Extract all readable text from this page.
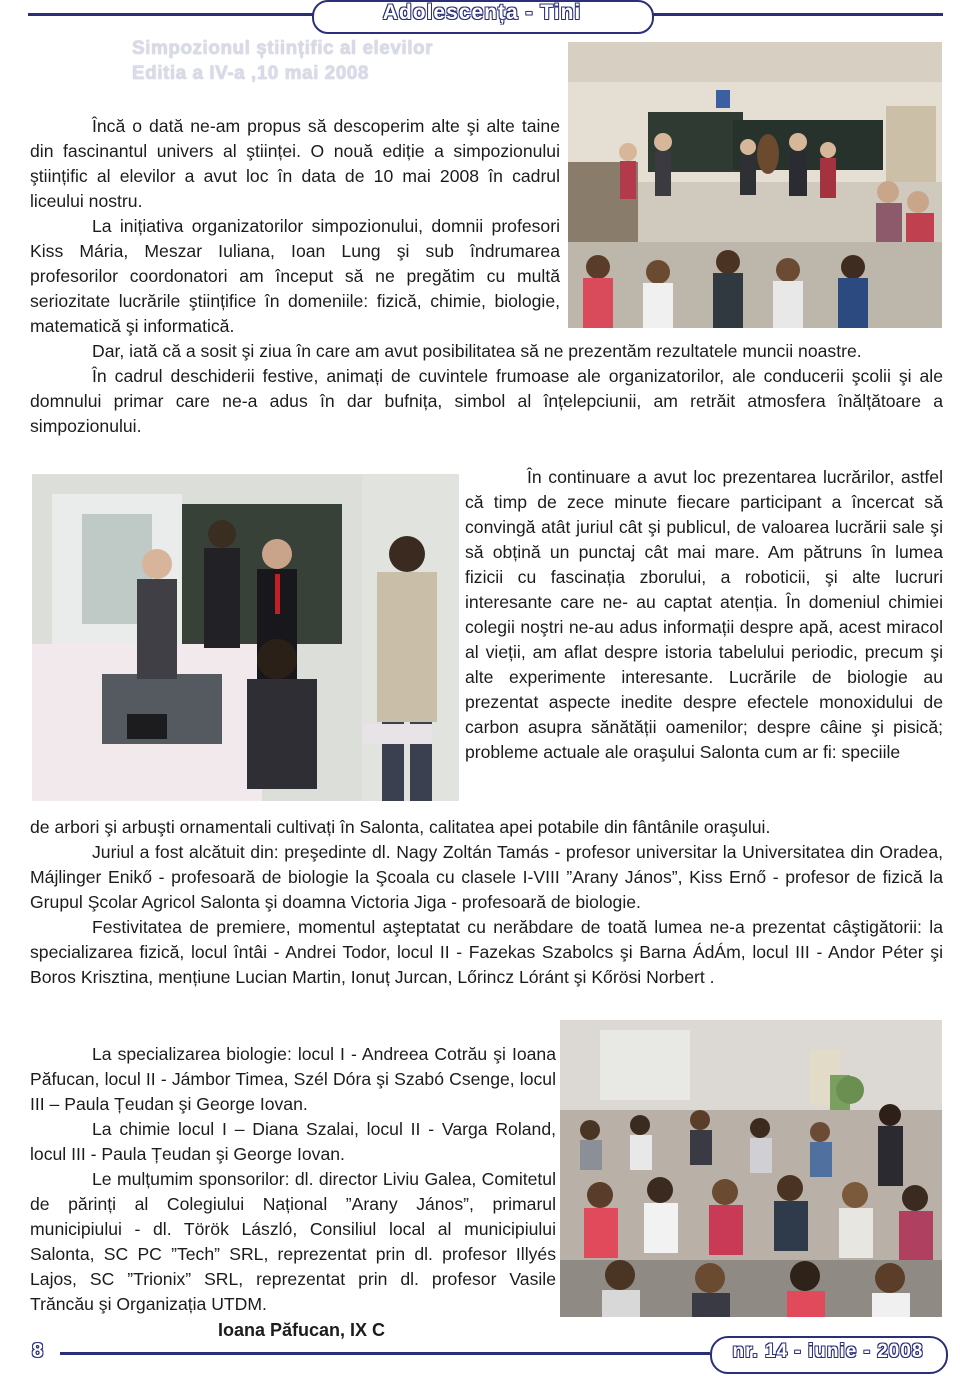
Adolescența - Tini
Simpozionul științific al elevilor
Editia a IV-a ,10 mai 2008
Încă o dată ne-am propus să descoperim alte şi alte taine din fascinantul univers al ştiinței. O nouă ediție a simpozionului ştiințific al elevilor a avut loc în data de 10 mai 2008 în cadrul liceului nostru.
La inițiativa organizatorilor simpozionului, domnii profesori Kiss Mária, Meszar Iuliana, Ioan Lung şi sub îndrumarea profesorilor coordonatori am început să ne pregătim cu multă seriozitate lucrările ştiințifice în domeniile: fizică, chimie, biologie, matematică şi informatică.
Dar, iată că a sosit şi ziua în care am avut posibilitatea să ne prezentăm rezultatele muncii noastre.
În cadrul deschiderii festive, animați de cuvintele frumoase ale organizatorilor, ale conducerii şcolii şi ale domnului primar care ne-a adus în dar bufnița, simbol al înțelepciunii, am retrăit atmosfera înălțătoare a simpozionului.
În continuare a avut loc prezentarea lucrărilor, astfel că timp de zece minute fiecare participant a încercat să convingă atât juriul cât şi publicul, de valoarea lucrării sale şi să obțină un punctaj cât mai mare. Am pătruns în lumea fizicii cu fascinația zborului, a roboticii, şi alte lucruri interesante care ne- au captat atenția. În domeniul chimiei colegii noştri ne-au adus informații despre apă, acest miracol al vieții, am aflat despre istoria tabelului periodic, precum şi alte experimente interesante. Lucrările de biologie au prezentat aspecte inedite despre efectele monoxidului de carbon asupra sănătății oamenilor; despre câine şi pisică; probleme actuale ale oraşului Salonta cum ar fi: speciile
de arbori şi arbuşti ornamentali cultivați în Salonta, calitatea apei potabile din fântânile oraşului.
Juriul a fost alcătuit din: preşedinte dl. Nagy Zoltán Tamás - profesor universitar la Universitatea din Oradea, Májlinger Enikő - profesoară de biologie la Şcoala cu clasele I-VIII ”Arany János”, Kiss Ernő - profesor de fizică la Grupul Şcolar Agricol Salonta şi doamna Victoria Jiga - profesoară de biologie.
Festivitatea de premiere, momentul aşteptatat cu nerăbdare de toată lumea ne-a prezentat câştigătorii: la specializarea fizică, locul întâi - Andrei Todor, locul II - Fazekas Szabolcs şi Barna ÁdÁm, locul III - Andor Péter şi Boros Krisztina, mențiune Lucian Martin, Ionuț Jurcan, Lőrincz Lóránt şi Kőrösi Norbert .
La specializarea biologie: locul I - Andreea Cotrău şi Ioana Păfucan, locul II - Jámbor Timea, Szél Dóra şi Szabó Csenge, locul III – Paula Țeudan şi George Iovan.
La chimie locul I – Diana Szalai, locul II - Varga Roland, locul III - Paula Țeudan şi George Iovan.
Le mulțumim sponsorilor: dl. director Liviu Galea, Comitetul de părinți al Colegiului Național ”Arany János”, primarul municipiului - dl. Török László, Consiliul local al municipiului Salonta, SC PC ”Tech” SRL, reprezentat prin dl. profesor Illyés Lajos, SC ”Trionix” SRL, reprezentat prin dl. profesor Vasile Trăncău şi Organizația UTDM.
Ioana Păfucan, IX C
8	nr. 14 - iunie - 2008
